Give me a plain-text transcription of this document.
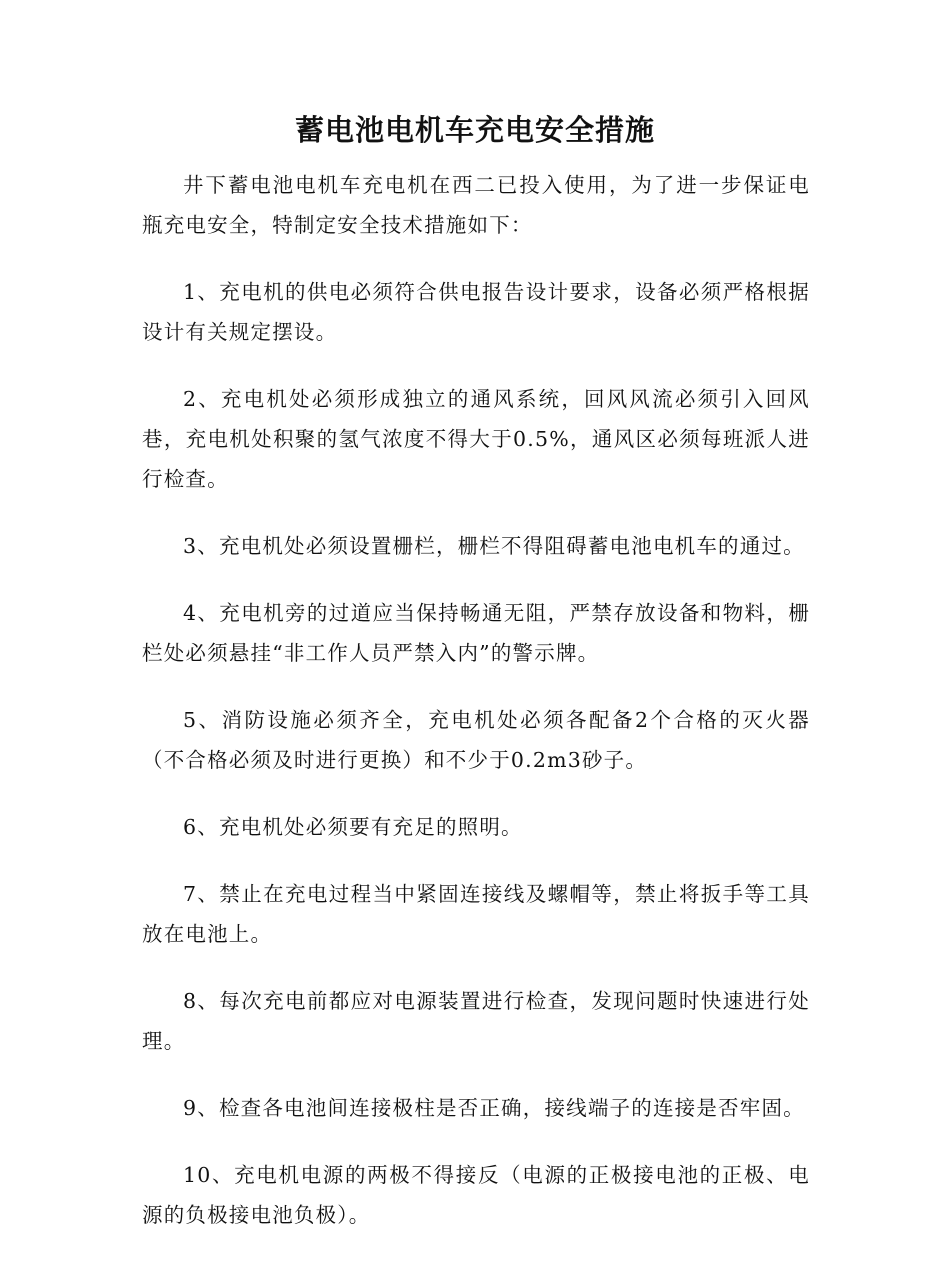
蓄电池电机车充电安全措施

井下蓄电池电机车充电机在西二已投入使用，为了进一步保证电瓶充电安全，特制定安全技术措施如下：

1、充电机的供电必须符合供电报告设计要求，设备必须严格根据设计有关规定摆设。

2、充电机处必须形成独立的通风系统，回风风流必须引入回风巷，充电机处积聚的氢气浓度不得大于0.5%，通风区必须每班派人进行检查。

3、充电机处必须设置栅栏，栅栏不得阻碍蓄电池电机车的通过。

4、充电机旁的过道应当保持畅通无阻，严禁存放设备和物料，栅栏处必须悬挂“非工作人员严禁入内”的警示牌。

5、消防设施必须齐全，充电机处必须各配备2个合格的灭火器（不合格必须及时进行更换）和不少于0.2m3砂子。

6、充电机处必须要有充足的照明。

7、禁止在充电过程当中紧固连接线及螺帽等，禁止将扳手等工具放在电池上。

8、每次充电前都应对电源装置进行检查，发现问题时快速进行处理。

9、检查各电池间连接极柱是否正确，接线端子的连接是否牢固。

10、充电机电源的两极不得接反（电源的正极接电池的正极、电源的负极接电池负极）。
